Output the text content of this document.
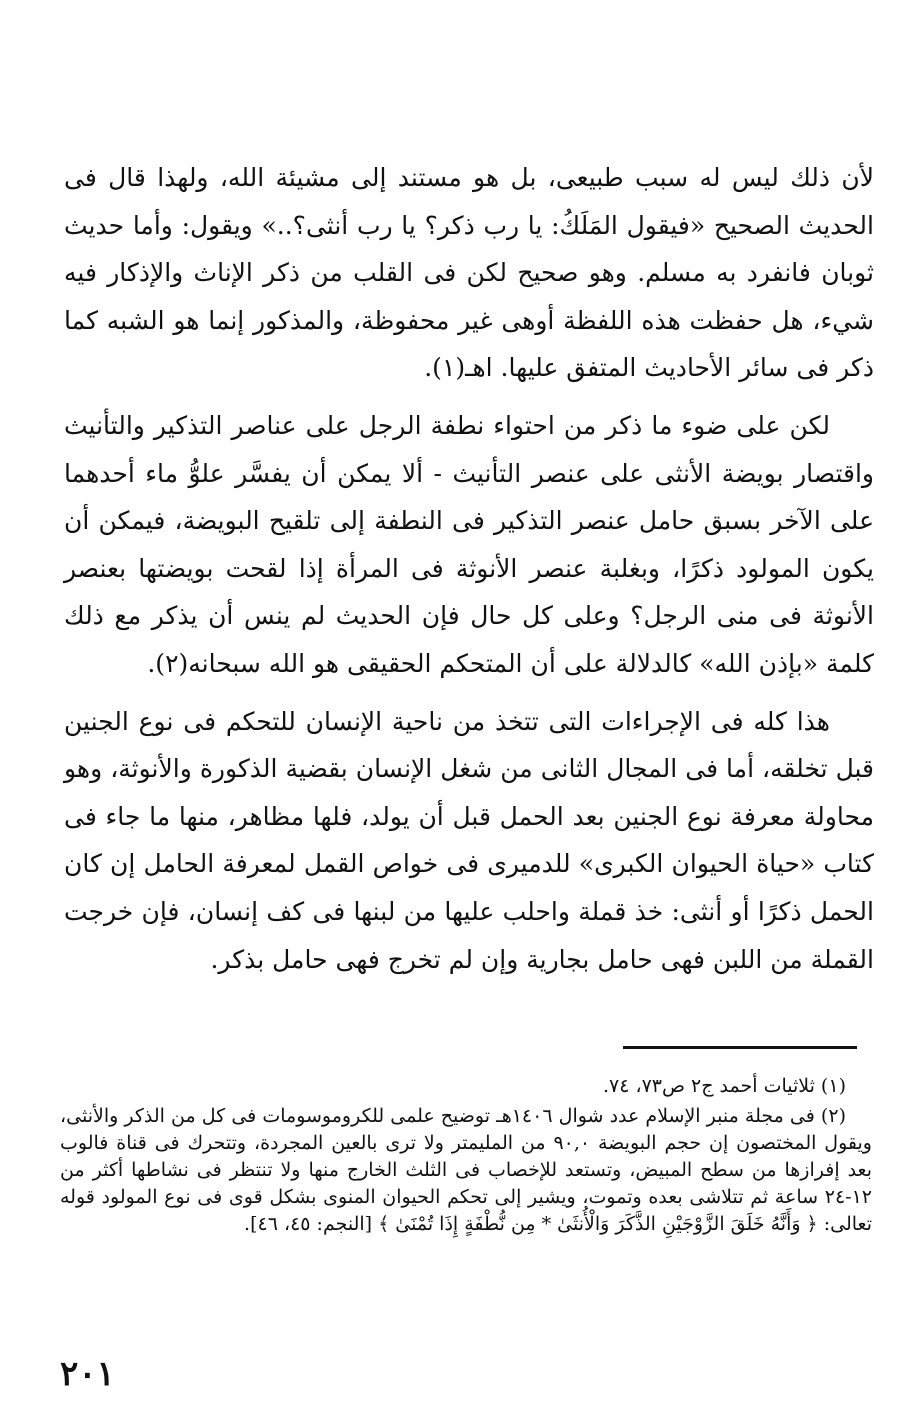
لأن ذلك ليس له سبب طبيعى، بل هو مستند إلى مشيئة الله، ولهذا قال فى الحديث الصحيح «فيقول المَلَكُ: يا رب ذكر؟ يا رب أنثى؟..» ويقول: وأما حديث ثوبان فانفرد به مسلم. وهو صحيح لكن فى القلب من ذكر الإناث والإذكار فيه شيء، هل حفظت هذه اللفظة أوهى غير محفوظة، والمذكور إنما هو الشبه كما ذكر فى سائر الأحاديث المتفق عليها. اهـ(١).

لكن على ضوء ما ذكر من احتواء نطفة الرجل على عناصر التذكير والتأنيث واقتصار بويضة الأنثى على عنصر التأنيث - ألا يمكن أن يفسَّر علوُّ ماء أحدهما على الآخر بسبق حامل عنصر التذكير فى النطفة إلى تلقيح البويضة، فيمكن أن يكون المولود ذكرًا، وبغلبة عنصر الأنوثة فى المرأة إذا لقحت بويضتها بعنصر الأنوثة فى منى الرجل؟ وعلى كل حال فإن الحديث لم ينس أن يذكر مع ذلك كلمة «بإذن الله» كالدلالة على أن المتحكم الحقيقى هو الله سبحانه(٢).

هذا كله فى الإجراءات التى تتخذ من ناحية الإنسان للتحكم فى نوع الجنين قبل تخلقه، أما فى المجال الثانى من شغل الإنسان بقضية الذكورة والأنوثة، وهو محاولة معرفة نوع الجنين بعد الحمل قبل أن يولد، فلها مظاهر، منها ما جاء فى كتاب «حياة الحيوان الكبرى» للدميرى فى خواص القمل لمعرفة الحامل إن كان الحمل ذكرًا أو أنثى: خذ قملة واحلب عليها من لبنها فى كف إنسان، فإن خرجت القملة من اللبن فهى حامل بجارية وإن لم تخرج فهى حامل بذكر.

(١) ثلاثيات أحمد ج٢ ص٧٣، ٧٤.

(٢) فى مجلة منبر الإسلام عدد شوال ١٤٠٦هـ توضيح علمى للكروموسومات فى كل من الذكر والأنثى، ويقول المختصون إن حجم البويضة ٩٠,٠ من المليمتر ولا ترى بالعين المجردة، وتتحرك فى قناة فالوب بعد إفرازها من سطح المبيض، وتستعد للإخصاب فى الثلث الخارج منها ولا تنتظر فى نشاطها أكثر من ١٢-٢٤ ساعة ثم تتلاشى بعده وتموت، ويشير إلى تحكم الحيوان المنوى بشكل قوى فى نوع المولود قوله تعالى: ﴿ وَأَنَّهُ خَلَقَ الزَّوْجَيْنِ الذَّكَرَ وَالْأُنثَىٰ * مِن نُّطْفَةٍ إِذَا تُمْنَىٰ ﴾ [النجم: ٤٥، ٤٦].

٢٠١
